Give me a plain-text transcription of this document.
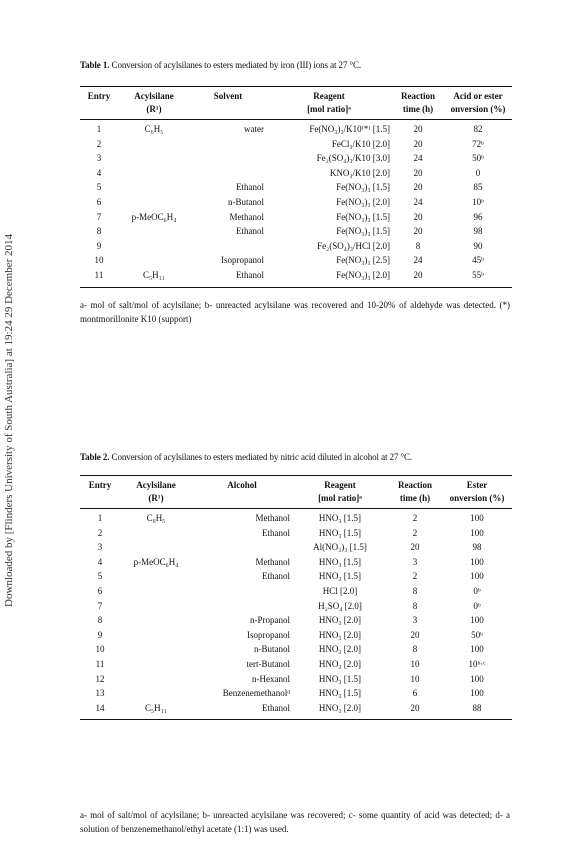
Downloaded by [Flinders University of South Australia] at 19:24 29 December 2014
Table 1. Conversion of acylsilanes to esters mediated by iron (III) ions at 27 °C.
Entry	Acylsilane	Solvent	Reagent	Reaction	Acid or ester
	(R¹)		[mol ratio]ᵃ	time (h)	onversion (%)
1	C₆H₅	water	Fe(NO₃)₃/K10⁽*⁾ [1.5]	20	82
2			FeCl₃/K10 [2.0]	20	72ᵇ
3			Fe₂(SO₄)₃/K10 [3.0]	24	50ᵇ
4			KNO₃/K10 [2.0]	20	0
5		Ethanol	Fe(NO₃)₃ [1.5]	20	85
6		n-Butanol	Fe(NO₃)₃ [2.0]	24	10ᵇ
7	p-MeOC₆H₄	Methanol	Fe(NO₃)₃ [1.5]	20	96
8		Ethanol	Fe(NO₃)₃ [1.5]	20	98
9			Fe₂(SO₄)₃/HCl [2.0]	8	90
10		Isopropanol	Fe(NO₃)₃ [2.5]	24	45ᵇ
11	C₅H₁₁	Ethanol	Fe(NO₃)₃ [2.0]	20	55ᵇ
a- mol of salt/mol of acylsilane; b- unreacted acylsilane was recovered and 10-20% of aldehyde was detected. (*) montmorillonite K10 (support)
Table 2. Conversion of acylsilanes to esters mediated by nitric acid diluted in alcohol at 27 °C.
Entry	Acylsilane	Alcohol	Reagent	Reaction	Ester
	(R¹)		[mol ratio]ᵃ	time (h)	onversion (%)
1	C₆H₅	Methanol	HNO₃ [1.5]	2	100
2		Ethanol	HNO₃ [1.5]	2	100
3			Al(NO₃)₃ [1.5]	20	98
4	p-MeOC₆H₄	Methanol	HNO₃ [1.5]	3	100
5		Ethanol	HNO₃ [1.5]	2	100
6			HCl [2.0]	8	0ᵇ
7			H₂SO₄ [2.0]	8	0ᵇ
8		n-Propanol	HNO₃ [2.0]	3	100
9		Isopropanol	HNO₃ [2.0]	20	50ᵇ
10		n-Butanol	HNO₃ [2.0]	8	100
11		tert-Butanol	HNO₃ [2.0]	10	10ᵇ·ᶜ
12		n-Hexanol	HNO₃ [1.5]	10	100
13		Benzenemethanolᵈ	HNO₃ [1.5]	6	100
14	C₅H₁₁	Ethanol	HNO₃ [2.0]	20	88
a- mol of salt/mol of acylsilane; b- unreacted acylsilane was recovered; c- some quantity of acid was detected; d- a solution of benzenemethanol/ethyl acetate (1:1) was used.
